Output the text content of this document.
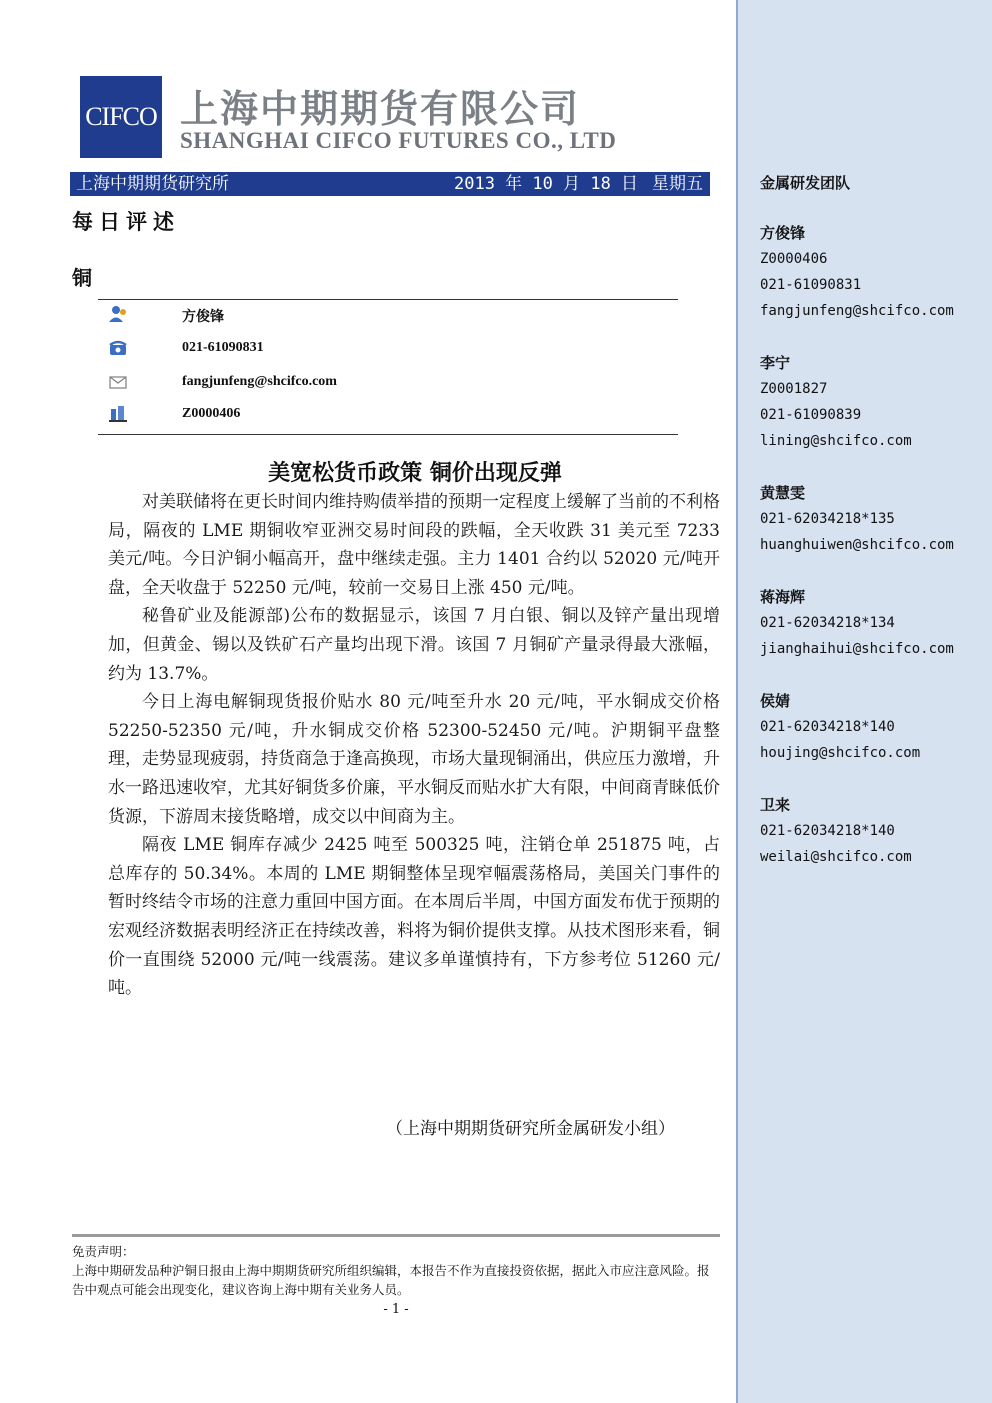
金属研发团队
方俊锋
Z0000406
021-61090831
fangjunfeng@shcifco.com
李宁
Z0001827
021-61090839
lining@shcifco.com
黄慧雯
021-62034218*135
huanghuiwen@shcifco.com
蒋海辉
021-62034218*134
jianghaihui@shcifco.com
侯婧
021-62034218*140
houjing@shcifco.com
卫来
021-62034218*140
weilai@shcifco.com
CIFCO 上海中期期货有限公司
SHANGHAI CIFCO FUTURES CO., LTD
上海中期期货研究所	2013 年 10 月 18 日 星期五
每日评述
铜
方俊锋
021-61090831
fangjunfeng@shcifco.com
Z0000406
美宽松货币政策 铜价出现反弹

对美联储将在更长时间内维持购债举措的预期一定程度上缓解了当前的不利格局，隔夜的 LME 期铜收窄亚洲交易时间段的跌幅，全天收跌 31 美元至 7233 美元/吨。今日沪铜小幅高开，盘中继续走强。主力 1401 合约以 52020 元/吨开盘，全天收盘于 52250 元/吨，较前一交易日上涨 450 元/吨。

秘鲁矿业及能源部)公布的数据显示，该国 7 月白银、铜以及锌产量出现增加，但黄金、锡以及铁矿石产量均出现下滑。该国 7 月铜矿产量录得最大涨幅，约为 13.7%。

今日上海电解铜现货报价贴水 80 元/吨至升水 20 元/吨，平水铜成交价格 52250-52350 元/吨，升水铜成交价格 52300-52450 元/吨。沪期铜平盘整理，走势显现疲弱，持货商急于逢高换现，市场大量现铜涌出，供应压力激增，升水一路迅速收窄，尤其好铜货多价廉，平水铜反而贴水扩大有限，中间商青睐低价货源，下游周末接货略增，成交以中间商为主。

隔夜 LME 铜库存减少 2425 吨至 500325 吨，注销仓单 251875 吨，占总库存的 50.34%。本周的 LME 期铜整体呈现窄幅震荡格局，美国关门事件的暂时终结令市场的注意力重回中国方面。在本周后半周，中国方面发布优于预期的宏观经济数据表明经济正在持续改善，料将为铜价提供支撑。从技术图形来看，铜价一直围绕 52000 元/吨一线震荡。建议多单谨慎持有，下方参考位 51260 元/吨。

（上海中期期货研究所金属研发小组）
免责声明：
上海中期研发品种沪铜日报由上海中期期货研究所组织编辑，本报告不作为直接投资依据，据此入市应注意风险。报告中观点可能会出现变化，建议咨询上海中期有关业务人员。
- 1 -
